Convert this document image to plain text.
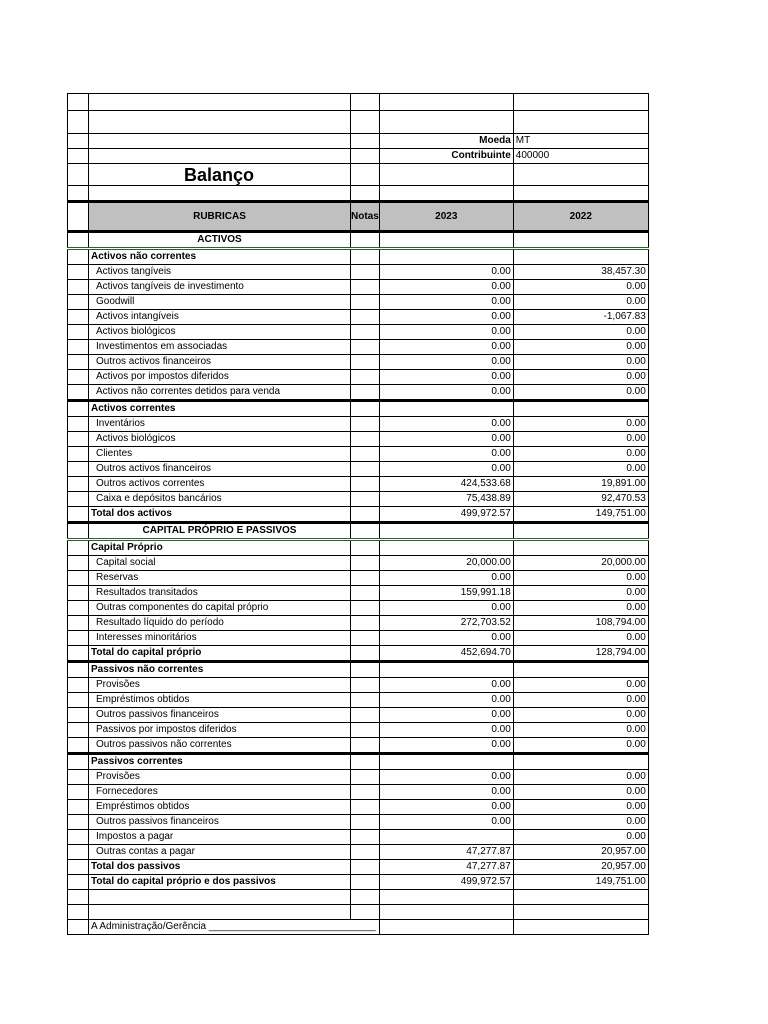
			Moeda	MT
			Contribuinte	400000
	Balanço			

	RUBRICAS	Notas	2023	2022
	ACTIVOS			
	Activos não correntes			
	Activos tangíveis		0.00	38,457.30
	Activos tangíveis de investimento		0.00	0.00
	Goodwill		0.00	0.00
	Activos intangíveis		0.00	-1,067.83
	Activos biológicos		0.00	0.00
	Investimentos em associadas		0.00	0.00
	Outros activos financeiros		0.00	0.00
	Activos por impostos diferidos		0.00	0.00
	Activos não correntes detidos para venda		0.00	0.00
	Activos correntes			
	Inventários		0.00	0.00
	Activos biológicos		0.00	0.00
	Clientes		0.00	0.00
	Outros activos financeiros		0.00	0.00
	Outros activos correntes		424,533.68	19,891.00
	Caixa e depósitos bancários		75,438.89	92,470.53
	Total dos activos		499,972.57	149,751.00
	CAPITAL PRÓPRIO E PASSIVOS			
	Capital Próprio			
	Capital social		20,000.00	20,000.00
	Reservas		0.00	0.00
	Resultados transitados		159,991.18	0.00
	Outras componentes do capital próprio		0.00	0.00
	Resultado líquido do período		272,703.52	108,794.00
	Interesses minoritários		0.00	0.00
	Total do capital próprio		452,694.70	128,794.00
	Passivos não correntes			
	Provisões		0.00	0.00
	Empréstimos obtidos		0.00	0.00
	Outros passivos financeiros		0.00	0.00
	Passivos por impostos diferidos		0.00	0.00
	Outros passivos não correntes		0.00	0.00
	Passivos correntes			
	Provisões		0.00	0.00
	Fornecedores		0.00	0.00
	Empréstimos obtidos		0.00	0.00
	Outros passivos financeiros		0.00	0.00
	Impostos a pagar			0.00
	Outras contas a pagar		47,277.87	20,957.00
	Total dos passivos		47,277.87	20,957.00
	Total do capital próprio e dos passivos		499,972.57	149,751.00

	A Administração/Gerência ______________________________			
